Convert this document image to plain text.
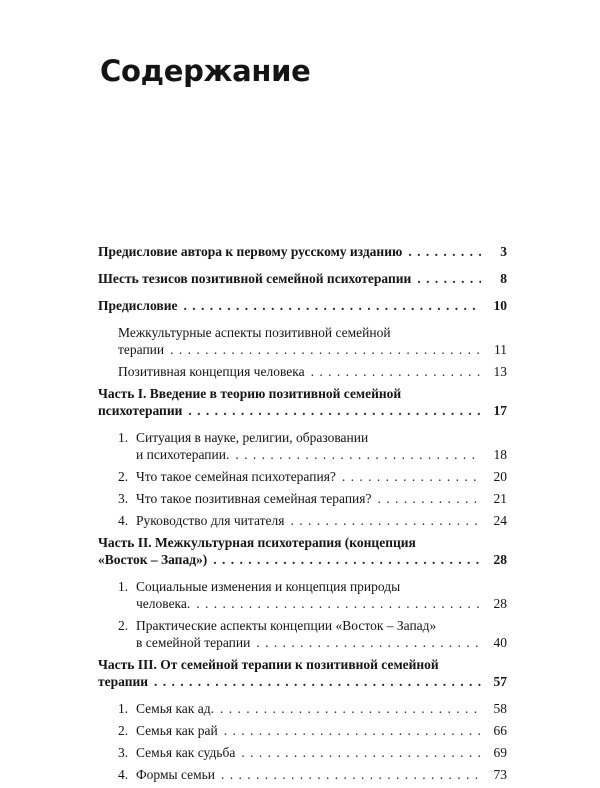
Содержание
Предисловие автора к первому русскому изданию . . .	3
Шесть тезисов позитивной семейной психотерапии . . .	8
Предисловие . . .	10
Межкультурные аспекты позитивной семейной
терапии . . .	11
Позитивная концепция человека . . .	13
Часть I. Введение в теорию позитивной семейной
психотерапии . . .	17
1. Ситуация в науке, религии, образовании
и психотерапии. . . .	18
2. Что такое семейная психотерапия? . . .	20
3. Что такое позитивная семейная терапия? . . .	21
4. Руководство для читателя . . .	24
Часть II. Межкультурная психотерапия (концепция
«Восток – Запад») . . .	28
1. Социальные изменения и концепция природы
человека. . . .	28
2. Практические аспекты концепции «Восток – Запад»
в семейной терапии . . .	40
Часть III. От семейной терапии к позитивной семейной
терапии . . .	57
1. Семья как ад. . . .	58
2. Семья как рай . . .	66
3. Семья как судьба . . .	69
4. Формы семьи . . .	73
